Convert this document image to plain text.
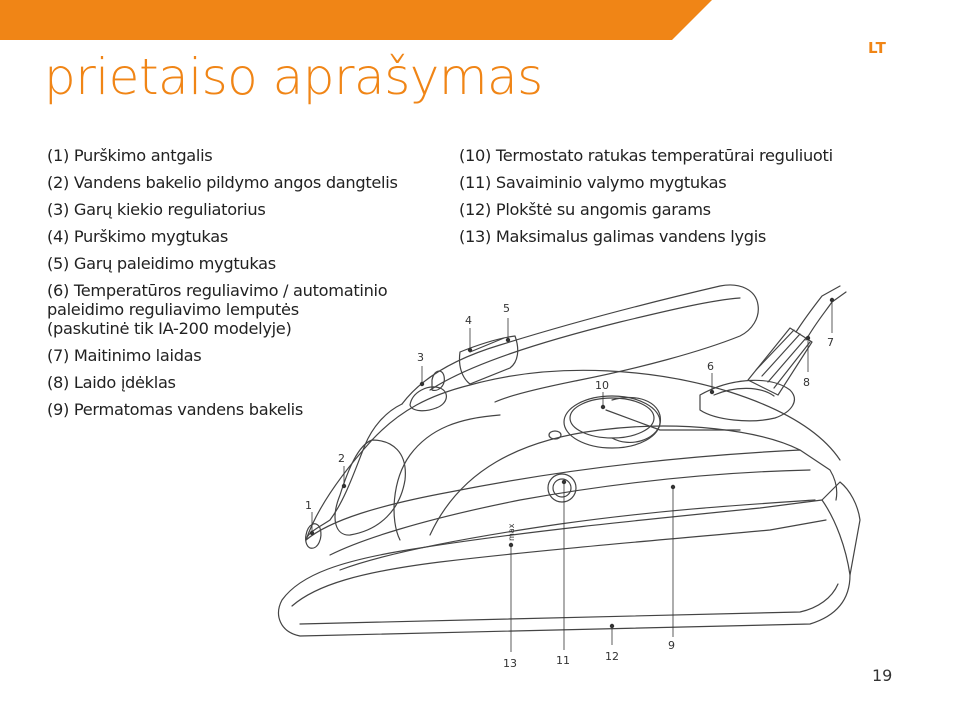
LT
prietaiso aprašymas
(1) Purškimo antgalis
(2) Vandens bakelio pildymo angos dangtelis
(3) Garų kiekio reguliatorius
(4) Purškimo mygtukas
(5) Garų paleidimo mygtukas
(6) Temperatūros reguliavimo / automatinio
paleidimo reguliavimo lemputės
(paskutinė tik IA-200 modelyje)
(7) Maitinimo laidas
(8) Laido įdėklas
(9) Permatomas vandens bakelis
(10) Termostato ratukas temperatūrai reguliuoti
(11) Savaiminio valymo mygtukas
(12) Plokštė su angomis garams
(13) Maksimalus galimas vandens lygis
1
2
3
4
5
6
7
8
9
10
11	12
13
max
19
